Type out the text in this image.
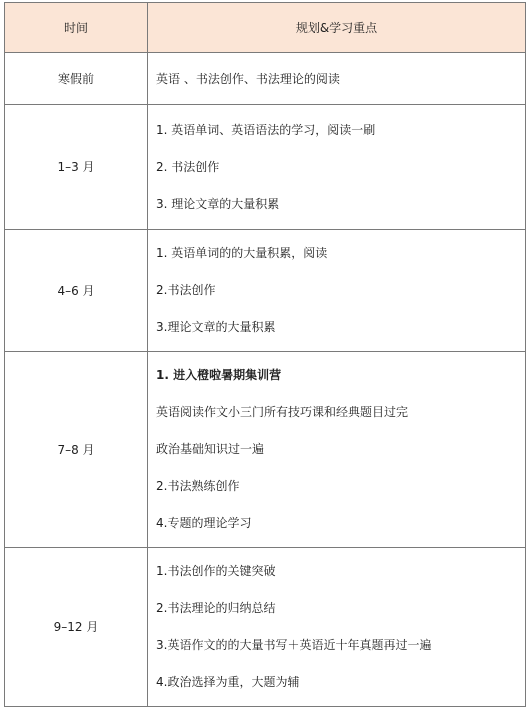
时间	规划&学习重点
寒假前	英语 、书法创作、书法理论的阅读

1–3 月	1. 英语单词、英语语法的学习，阅读一刷
2. 书法创作
3. 理论文章的大量积累

4–6 月	1. 英语单词的的大量积累，阅读
2.书法创作
3.理论文章的大量积累

7–8 月	1. 进入橙啦暑期集训营
英语阅读作文小三门所有技巧课和经典题目过完
政治基础知识过一遍
2.书法熟练创作
4.专题的理论学习

9–12 月	1.书法创作的关键突破
2.书法理论的归纳总结
3.英语作文的的大量书写＋英语近十年真题再过一遍
4.政治选择为重，大题为辅
